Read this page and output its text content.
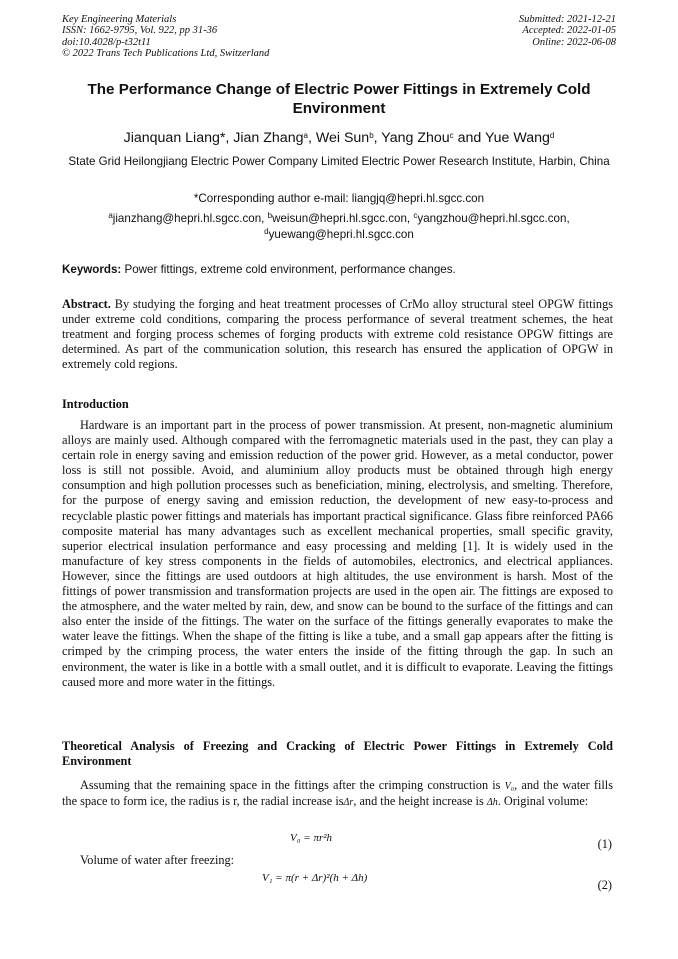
Key Engineering Materials
ISSN: 1662-9795, Vol. 922, pp 31-36
doi:10.4028/p-t32t11
© 2022 Trans Tech Publications Ltd, Switzerland
Submitted: 2021-12-21
Accepted: 2022-01-05
Online: 2022-06-08
The Performance Change of Electric Power Fittings in Extremely Cold Environment
Jianquan Liang*, Jian Zhang$^a$, Wei Sun$^b$, Yang Zhou$^c$ and Yue Wang$^d$
State Grid Heilongjiang Electric Power Company Limited Electric Power Research Institute, Harbin, China
*Corresponding author e-mail: liangjq@hepri.hl.sgcc.con
$^a$jianzhang@hepri.hl.sgcc.con, $^b$weisun@hepri.hl.sgcc.con, $^c$yangzhou@hepri.hl.sgcc.con,
$^d$yuewang@hepri.hl.sgcc.con
Keywords: Power fittings, extreme cold environment, performance changes.
Abstract. By studying the forging and heat treatment processes of CrMo alloy structural steel OPGW fittings under extreme cold conditions, comparing the process performance of several treatment schemes, the heat treatment and forging process schemes of forging products with extreme cold resistance OPGW fittings are determined. As part of the communication solution, this research has ensured the application of OPGW in extremely cold regions.
Introduction
Hardware is an important part in the process of power transmission. At present, non-magnetic aluminium alloys are mainly used. Although compared with the ferromagnetic materials used in the past, they can play a certain role in energy saving and emission reduction of the power grid. However, as a metal conductor, power loss is still not possible. Avoid, and aluminium alloy products must be obtained through high energy consumption and high pollution processes such as beneficiation, mining, electrolysis, and smelting. Therefore, for the purpose of energy saving and emission reduction, the development of new easy-to-process and recyclable plastic power fittings and materials has important practical significance. Glass fibre reinforced PA66 composite material has many advantages such as excellent mechanical properties, small specific gravity, superior electrical insulation performance and easy processing and melding [1]. It is widely used in the manufacture of key stress components in the fields of automobiles, electronics, and electrical appliances. However, since the fittings are used outdoors at high altitudes, the use environment is harsh. Most of the fittings of power transmission and transformation projects are used in the open air. The fittings are exposed to the atmosphere, and the water melted by rain, dew, and snow can be bound to the surface of the fittings and can also enter the inside of the fittings. The water on the surface of the fittings generally evaporates to make the water leave the fittings. When the shape of the fitting is like a tube, and a small gap appears after the fitting is crimped by the crimping process, the water enters the inside of the fitting through the gap. In such an environment, the water is like in a bottle with a small outlet, and it is difficult to evaporate. Leaving the fittings caused more and more water in the fittings.
Theoretical Analysis of Freezing and Cracking of Electric Power Fittings in Extremely Cold Environment
Assuming that the remaining space in the fittings after the crimping construction is V₀, and the water fills the space to form ice, the radius is r, the radial increase isΔr, and the height increase is Δh. Original volume:
V₀ = πr²h	(1)
Volume of water after freezing:
V₁ = π(r + Δr)²(h + Δh)	(2)
